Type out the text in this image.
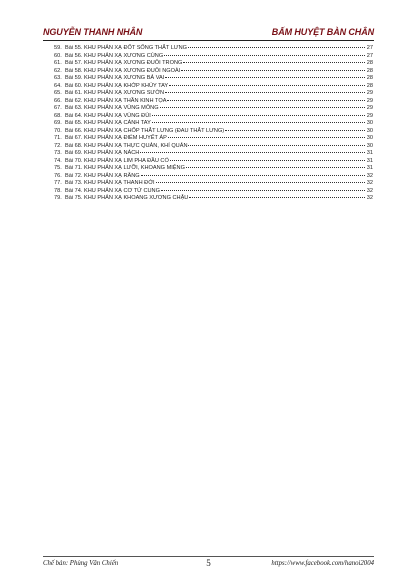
NGUYỄN THANH NHÂN	BẤM HUYỆT BÀN CHÂN
59. Bài 55. KHU PHẢN XẠ ĐỐT SỐNG THẮT LƯNG	27
60. Bài 56. KHU PHẢN XẠ XƯƠNG CÙNG	27
61. Bài 57. KHU PHẢN XẠ XƯƠNG ĐUÔI TRONG	28
62. Bài 58. KHU PHẢN XẠ XƯƠNG ĐUÔI NGOÀI	28
63. Bài 59. KHU PHẢN XẠ XƯƠNG BẢ VAI	28
64. Bài 60. KHU PHẢN XẠ KHỚP KHỦY TAY	28
65. Bài 61. KHU PHẢN XẠ XƯƠNG SƯỜN	29
66. Bài 62. KHU PHẢN XẠ THẦN KINH TỌA	29
67. Bài 63. KHU PHẢN XẠ VÙNG MÔNG	29
68. Bài 64. KHU PHẢN XẠ VÙNG ĐÙI	29
69. Bài 65. KHU PHẢN XẠ CÁNH TAY	30
70. Bài 66. KHU PHẢN XẠ CHỐP THẮT LƯNG (ĐAU THẮT LƯNG)	30
71. Bài 67. KHU PHẢN XẠ ĐIỂM HUYẾT ÁP	30
72. Bài 68. KHU PHẢN XẠ THỰC QUẢN, KHÍ QUẢN	30
73. Bài 69. KHU PHẢN XẠ NÁCH	31
74. Bài 70. KHU PHẢN XẠ LIM PHA ĐẦU CỔ	31
75. Bài 71. KHU PHẢN XẠ LƯỠI, KHOANG MIỆNG	31
76. Bài 72. KHU PHẢN XẠ RĂNG	32
77. Bài 73. KHU PHẢN XẠ THANH ĐỚI	32
78. Bài 74. KHU PHẢN XẠ CƠ TỬ CUNG	32
79. Bài 75. KHU PHẢN XẠ KHOANG XƯƠNG CHẬU	32
Chế bản: Phùng Văn Chiến	5	https://www.facebook.com/hanoi2004
